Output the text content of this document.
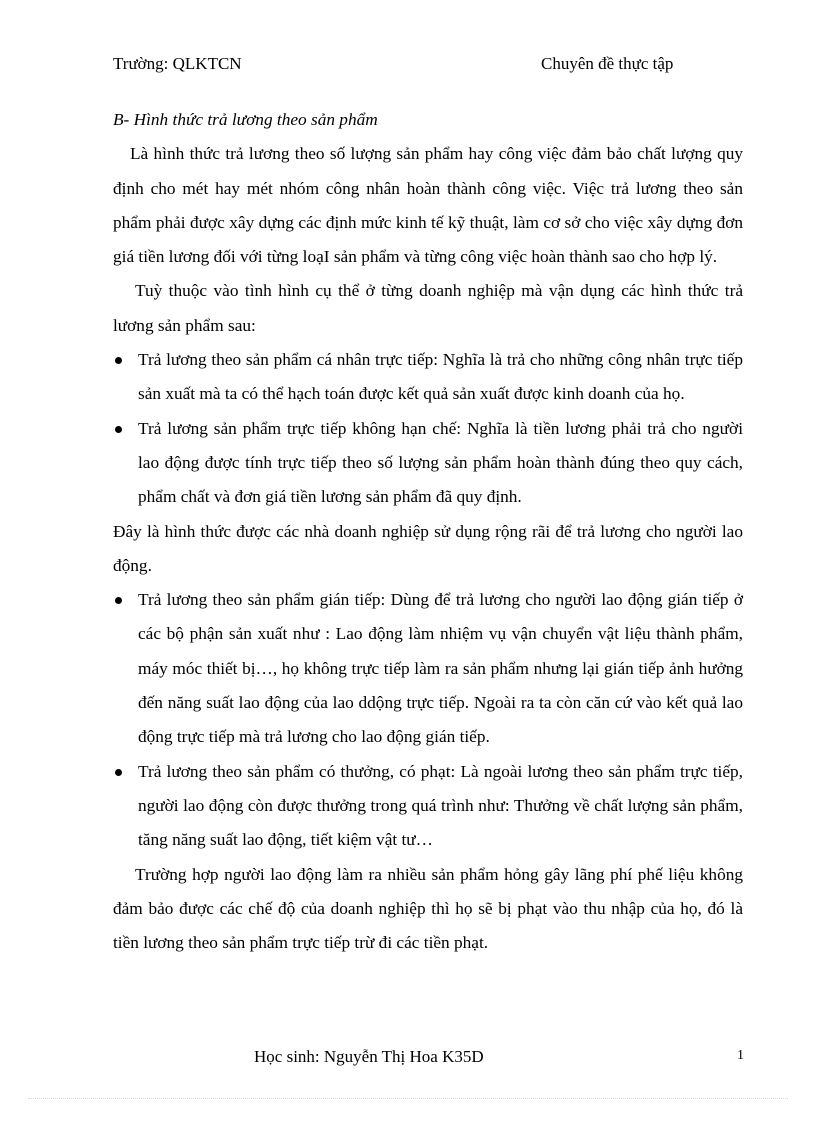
Trường: QLKTCN	Chuyên đề thực tập

B- Hình thức trả lương theo sản phẩm

Là hình thức trả lương theo số lượng sản phẩm hay công việc đảm bảo chất lượng quy định cho mét hay mét nhóm công nhân hoàn thành công việc. Việc trả lương theo sản phẩm phải được xây dựng các định mức kinh tế kỹ thuật, làm cơ sở cho việc xây dựng đơn giá tiền lương đối với từng loạI sản phẩm và từng công việc hoàn thành sao cho hợp lý.

Tuỳ thuộc vào tình hình cụ thể ở từng doanh nghiệp mà vận dụng các hình thức trả lương sản phẩm sau:

Trả lương theo sản phẩm cá nhân trực tiếp: Nghĩa là trả cho những công nhân trực tiếp sản xuất mà ta có thể hạch toán được kết quả sản xuất được kinh doanh của họ.
Trả lương sản phẩm trực tiếp không hạn chế: Nghĩa là tiền lương phải trả cho người lao động được tính trực tiếp theo số lượng sản phẩm hoàn thành đúng theo quy cách, phẩm chất và đơn giá tiền lương sản phẩm đã quy định.

Đây là hình thức được các nhà doanh nghiệp sử dụng rộng rãi để trả lương cho người lao động.

Trả lương theo sản phẩm gián tiếp: Dùng để trả lương cho người lao động gián tiếp ở các bộ phận sản xuất như : Lao động làm nhiệm vụ vận chuyển vật liệu thành phẩm, máy móc thiết bị…, họ không trực tiếp làm ra sản phẩm nhưng lại gián tiếp ảnh hưởng đến năng suất lao động của lao ddộng trực tiếp. Ngoài ra ta còn căn cứ vào kết quả lao động trực tiếp mà trả lương cho lao động gián tiếp.
Trả lương theo sản phẩm có thưởng, có phạt: Là ngoài lương theo sản phẩm trực tiếp, người lao động còn được thưởng trong quá trình như: Thưởng về chất lượng sản phẩm, tăng năng suất lao động, tiết kiệm vật tư…

Trường hợp người lao động làm ra nhiều sản phẩm hỏng gây lãng phí phế liệu không đảm bảo được các chế độ của doanh nghiệp thì họ sẽ bị phạt vào thu nhập của họ, đó là tiền lương theo sản phẩm trực tiếp trừ đi các tiền phạt.

Học sinh: Nguyễn Thị Hoa K35D	1
